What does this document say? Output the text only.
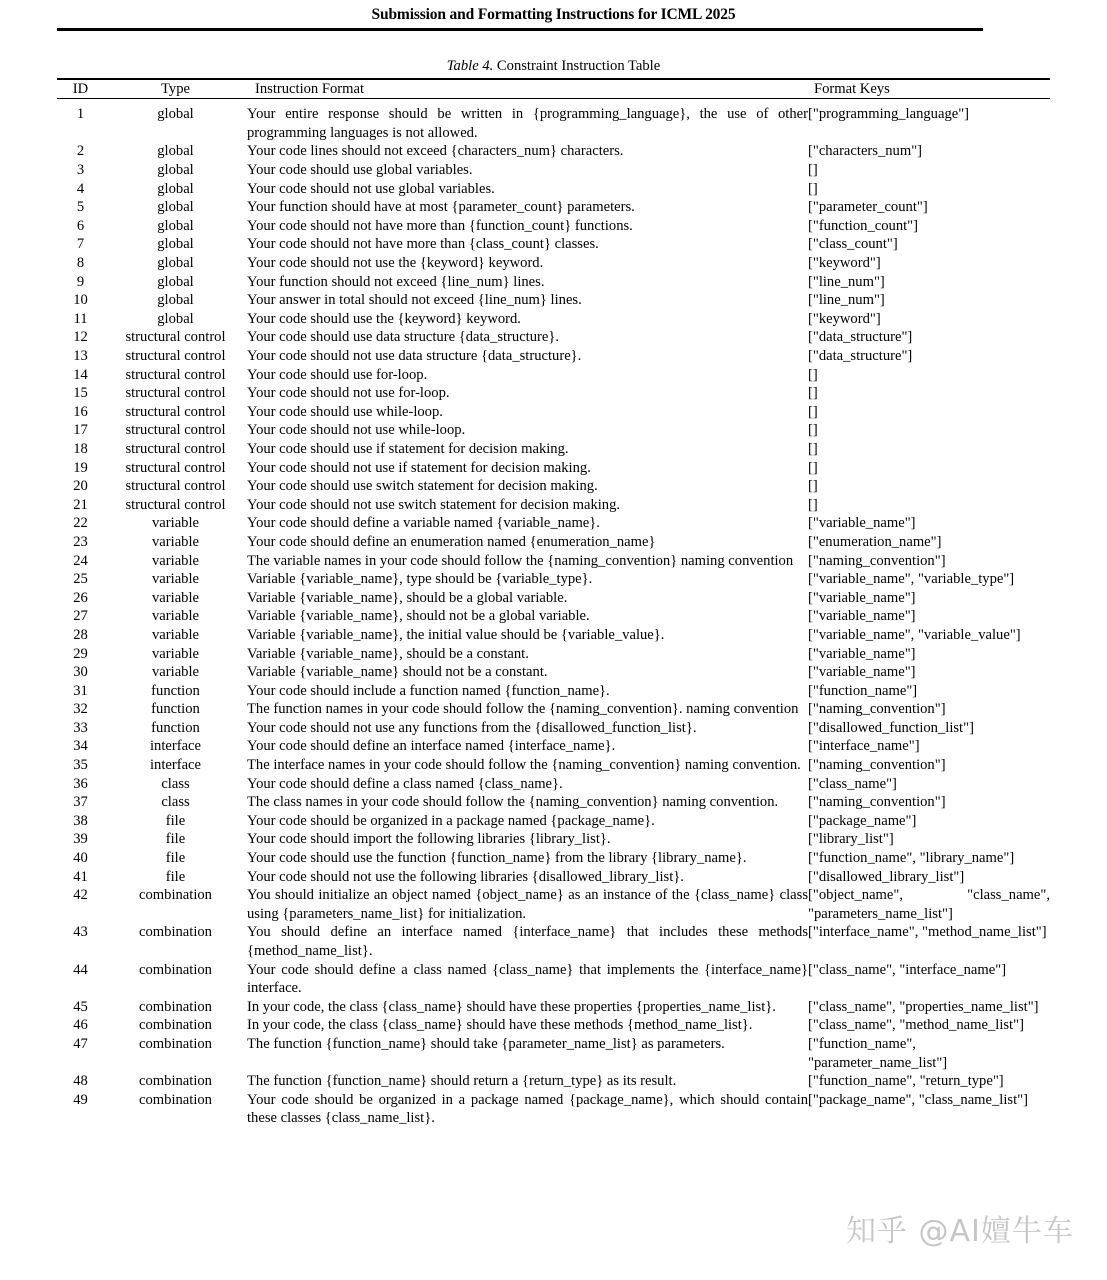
Submission and Formatting Instructions for ICML 2025
Table 4. Constraint Instruction Table
ID	Type	Instruction Format	Format Keys
1	global	Your entire response should be written in {programming_language}, the use of other programming languages is not allowed.	["programming_language"]
2	global	Your code lines should not exceed {characters_num} characters.	["characters_num"]
3	global	Your code should use global variables.	[]
4	global	Your code should not use global variables.	[]
5	global	Your function should have at most {parameter_count} parameters.	["parameter_count"]
6	global	Your code should not have more than {function_count} functions.	["function_count"]
7	global	Your code should not have more than {class_count} classes.	["class_count"]
8	global	Your code should not use the {keyword} keyword.	["keyword"]
9	global	Your function should not exceed {line_num} lines.	["line_num"]
10	global	Your answer in total should not exceed {line_num} lines.	["line_num"]
11	global	Your code should use the {keyword} keyword.	["keyword"]
12	structural control	Your code should use data structure {data_structure}.	["data_structure"]
13	structural control	Your code should not use data structure {data_structure}.	["data_structure"]
14	structural control	Your code should use for-loop.	[]
15	structural control	Your code should not use for-loop.	[]
16	structural control	Your code should use while-loop.	[]
17	structural control	Your code should not use while-loop.	[]
18	structural control	Your code should use if statement for decision making.	[]
19	structural control	Your code should not use if statement for decision making.	[]
20	structural control	Your code should use switch statement for decision making.	[]
21	structural control	Your code should not use switch statement for decision making.	[]
22	variable	Your code should define a variable named {variable_name}.	["variable_name"]
23	variable	Your code should define an enumeration named {enumeration_name}	["enumeration_name"]
24	variable	The variable names in your code should follow the {naming_convention} naming convention	["naming_convention"]
25	variable	Variable {variable_name}, type should be {variable_type}.	["variable_name", "variable_type"]
26	variable	Variable {variable_name}, should be a global variable.	["variable_name"]
27	variable	Variable {variable_name}, should not be a global variable.	["variable_name"]
28	variable	Variable {variable_name}, the initial value should be {variable_value}.	["variable_name", "variable_value"]
29	variable	Variable {variable_name}, should be a constant.	["variable_name"]
30	variable	Variable {variable_name} should not be a constant.	["variable_name"]
31	function	Your code should include a function named {function_name}.	["function_name"]
32	function	The function names in your code should follow the {naming_convention}. naming convention	["naming_convention"]
33	function	Your code should not use any functions from the {disallowed_function_list}.	["disallowed_function_list"]
34	interface	Your code should define an interface named {interface_name}.	["interface_name"]
35	interface	The interface names in your code should follow the {naming_convention} naming convention.	["naming_convention"]
36	class	Your code should define a class named {class_name}.	["class_name"]
37	class	The class names in your code should follow the {naming_convention} naming convention.	["naming_convention"]
38	file	Your code should be organized in a package named {package_name}.	["package_name"]
39	file	Your code should import the following libraries {library_list}.	["library_list"]
40	file	Your code should use the function {function_name} from the library {library_name}.	["function_name", "library_name"]
41	file	Your code should not use the following libraries {disallowed_library_list}.	["disallowed_library_list"]
42	combination	You should initialize an object named {object_name} as an instance of the {class_name} class using {parameters_name_list} for initialization.	["object_name", "class_name", "parameters_name_list"]
43	combination	You should define an interface named {interface_name} that includes these methods {method_name_list}.	["interface_name", "method_name_list"]
44	combination	Your code should define a class named {class_name} that implements the {interface_name} interface.	["class_name", "interface_name"]
45	combination	In your code, the class {class_name} should have these properties {properties_name_list}.	["class_name", "properties_name_list"]
46	combination	In your code, the class {class_name} should have these methods {method_name_list}.	["class_name", "method_name_list"]
47	combination	The function {function_name} should take {parameter_name_list} as parameters.	["function_name", "parameter_name_list"]
48	combination	The function {function_name} should return a {return_type} as its result.	["function_name", "return_type"]
49	combination	Your code should be organized in a package named {package_name}, which should contain these classes {class_name_list}.	["package_name", "class_name_list"]
知乎 @AI嬗牛车
